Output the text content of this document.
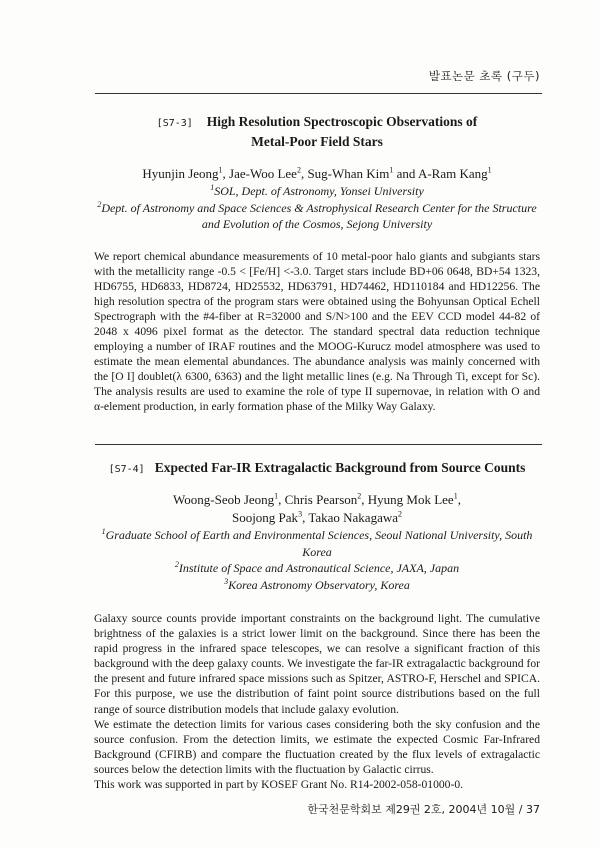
발표논문 초록 (구두)
[S7-3] High Resolution Spectroscopic Observations of
Metal-Poor Field Stars
Hyunjin Jeong$^1$, Jae-Woo Lee$^2$, Sug-Whan Kim$^1$ and A-Ram Kang$^1$
$^1$SOL, Dept. of Astronomy, Yonsei University
$^2$Dept. of Astronomy and Space Sciences & Astrophysical Research Center for the Structure and Evolution of the Cosmos, Sejong University

We report chemical abundance measurements of 10 metal-poor halo giants and subgiants stars with the metallicity range -0.5 < [Fe/H] <-3.0. Target stars include BD+06 0648, BD+54 1323, HD6755, HD6833, HD8724, HD25532, HD63791, HD74462, HD110184 and HD12256. The high resolution spectra of the program stars were obtained using the Bohyunsan Optical Echell Spectrograph with the #4-fiber at R=32000 and S/N>100 and the EEV CCD model 44-82 of 2048 x 4096 pixel format as the detector. The standard spectral data reduction technique employing a number of IRAF routines and the MOOG-Kurucz model atmosphere was used to estimate the mean elemental abundances. The abundance analysis was mainly concerned with the [O I] doublet(λ 6300, 6363) and the light metallic lines (e.g. Na Through Ti, except for Sc). The analysis results are used to examine the role of type II supernovae, in relation with O and α-element production, in early formation phase of the Milky Way Galaxy.

[S7-4] Expected Far-IR Extragalactic Background from Source Counts
Woong-Seob Jeong$^1$, Chris Pearson$^2$, Hyung Mok Lee$^1$,
Soojong Pak$^3$, Takao Nakagawa$^2$
$^1$Graduate School of Earth and Environmental Sciences, Seoul National University, South Korea
$^2$Institute of Space and Astronautical Science, JAXA, Japan
$^3$Korea Astronomy Observatory, Korea

Galaxy source counts provide important constraints on the background light. The cumulative brightness of the galaxies is a strict lower limit on the background. Since there has been the rapid progress in the infrared space telescopes, we can resolve a significant fraction of this background with the deep galaxy counts. We investigate the far-IR extragalactic background for the present and future infrared space missions such as Spitzer, ASTRO-F, Herschel and SPICA. For this purpose, we use the distribution of faint point source distributions based on the full range of source distribution models that include galaxy evolution.

We estimate the detection limits for various cases considering both the sky confusion and the source confusion. From the detection limits, we estimate the expected Cosmic Far-Infrared Background (CFIRB) and compare the fluctuation created by the flux levels of extragalactic sources below the detection limits with the fluctuation by Galactic cirrus.

This work was supported in part by KOSEF Grant No. R14-2002-058-01000-0.

한국천문학회보 제29권 2호, 2004년 10월 / 37
